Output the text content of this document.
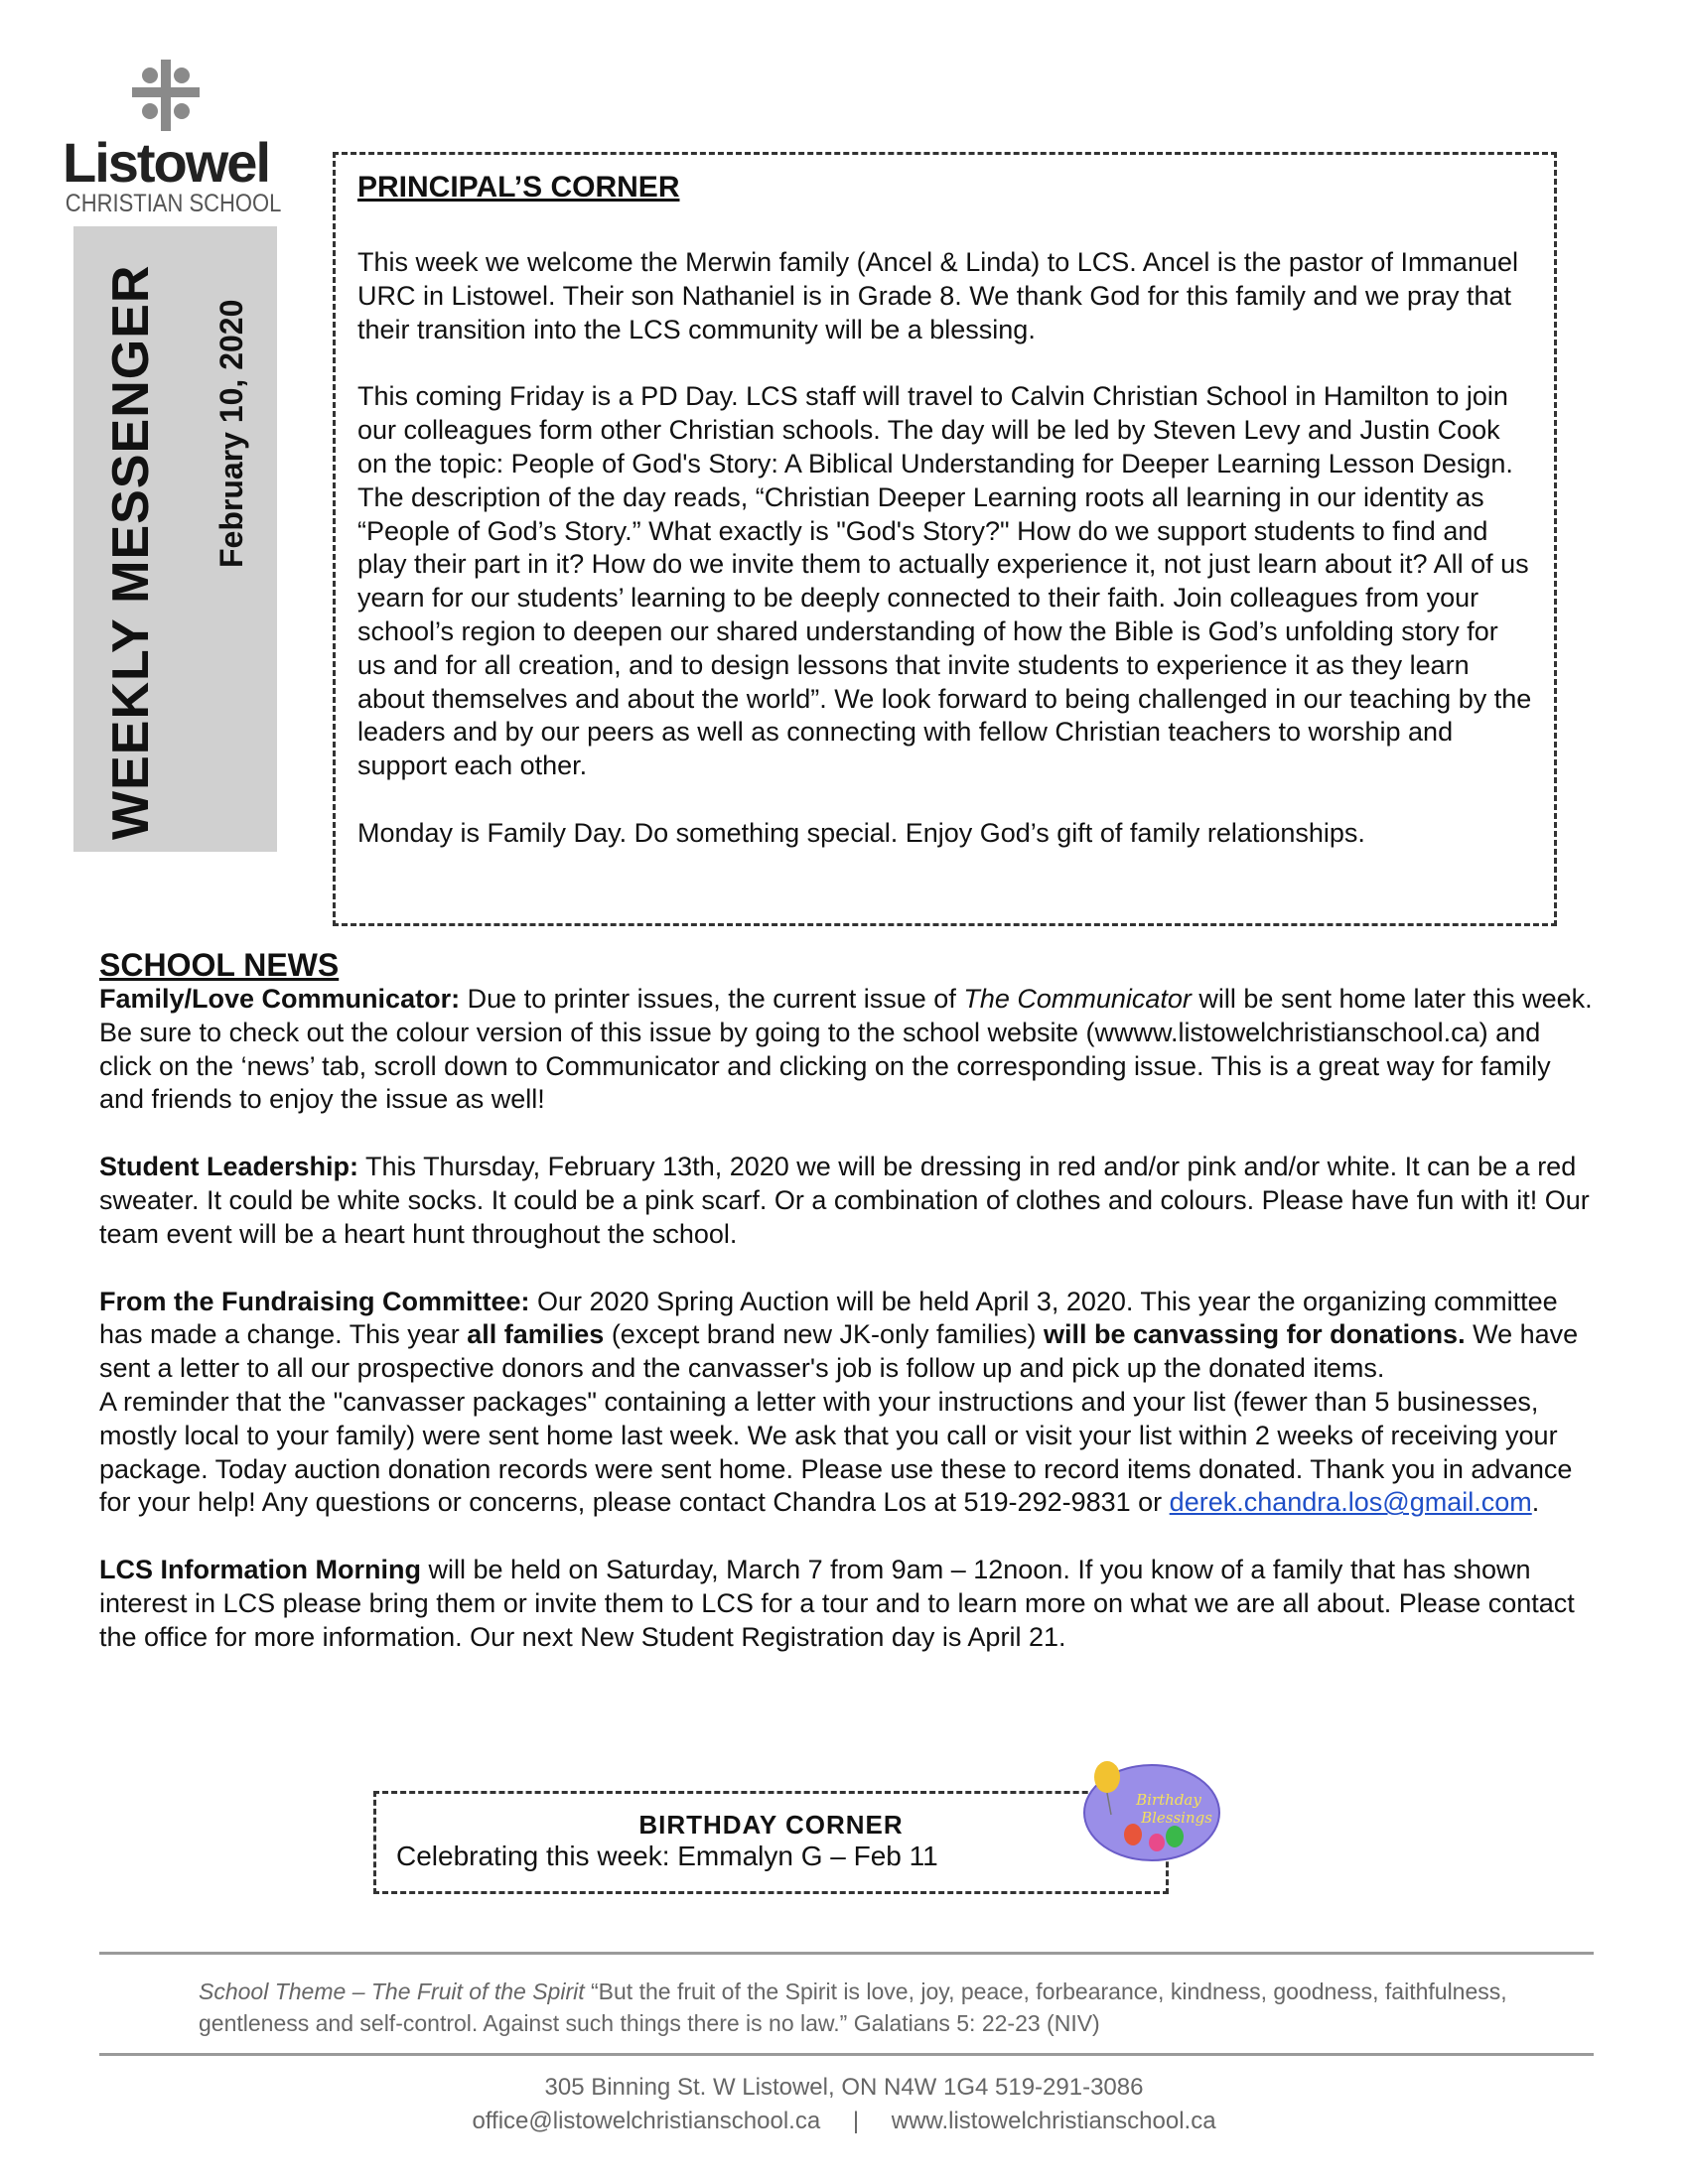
Listowel
CHRISTIAN SCHOOL
WEEKLY MESSENGER February 10, 2020
PRINCIPAL’S CORNER

This week we welcome the Merwin family (Ancel & Linda) to LCS. Ancel is the pastor of Immanuel URC in Listowel. Their son Nathaniel is in Grade 8. We thank God for this family and we pray that their transition into the LCS community will be a blessing.

This coming Friday is a PD Day. LCS staff will travel to Calvin Christian School in Hamilton to join our colleagues form other Christian schools. The day will be led by Steven Levy and Justin Cook on the topic: People of God's Story: A Biblical Understanding for Deeper Learning Lesson Design. The description of the day reads, “Christian Deeper Learning roots all learning in our identity as “People of God’s Story.” What exactly is "God's Story?" How do we support students to find and play their part in it? How do we invite them to actually experience it, not just learn about it? All of us yearn for our students’ learning to be deeply connected to their faith. Join colleagues from your school’s region to deepen our shared understanding of how the Bible is God’s unfolding story for us and for all creation, and to design lessons that invite students to experience it as they learn about themselves and about the world”. We look forward to being challenged in our teaching by the leaders and by our peers as well as connecting with fellow Christian teachers to worship and support each other.

Monday is Family Day. Do something special. Enjoy God’s gift of family relationships.

SCHOOL NEWS

Family/Love Communicator: Due to printer issues, the current issue of The Communicator will be sent home later this week. Be sure to check out the colour version of this issue by going to the school website (wwww.listowelchristianschool.ca) and click on the ‘news’ tab, scroll down to Communicator and clicking on the corresponding issue. This is a great way for family and friends to enjoy the issue as well!

Student Leadership: This Thursday, February 13th, 2020 we will be dressing in red and/or pink and/or white. It can be a red sweater. It could be white socks. It could be a pink scarf. Or a combination of clothes and colours. Please have fun with it! Our team event will be a heart hunt throughout the school.

From the Fundraising Committee: Our 2020 Spring Auction will be held April 3, 2020. This year the organizing committee has made a change. This year all families (except brand new JK-only families) will be canvassing for donations. We have sent a letter to all our prospective donors and the canvasser's job is follow up and pick up the donated items.

A reminder that the "canvasser packages" containing a letter with your instructions and your list (fewer than 5 businesses, mostly local to your family) were sent home last week. We ask that you call or visit your list within 2 weeks of receiving your package. Today auction donation records were sent home. Please use these to record items donated. Thank you in advance for your help! Any questions or concerns, please contact Chandra Los at 519-292-9831 or derek.chandra.los@gmail.com.

LCS Information Morning will be held on Saturday, March 7 from 9am – 12noon. If you know of a family that has shown interest in LCS please bring them or invite them to LCS for a tour and to learn more on what we are all about. Please contact the office for more information. Our next New Student Registration day is April 21.

BIRTHDAY CORNER
Celebrating this week: Emmalyn G – Feb 11
Birthday
Blessings
School Theme – The Fruit of the Spirit “But the fruit of the Spirit is love, joy, peace, forbearance, kindness, goodness, faithfulness, gentleness and self-control. Against such things there is no law.” Galatians 5: 22-23 (NIV)
305 Binning St. W Listowel, ON N4W 1G4 519-291-3086
office@listowelchristianschool.ca | www.listowelchristianschool.ca
